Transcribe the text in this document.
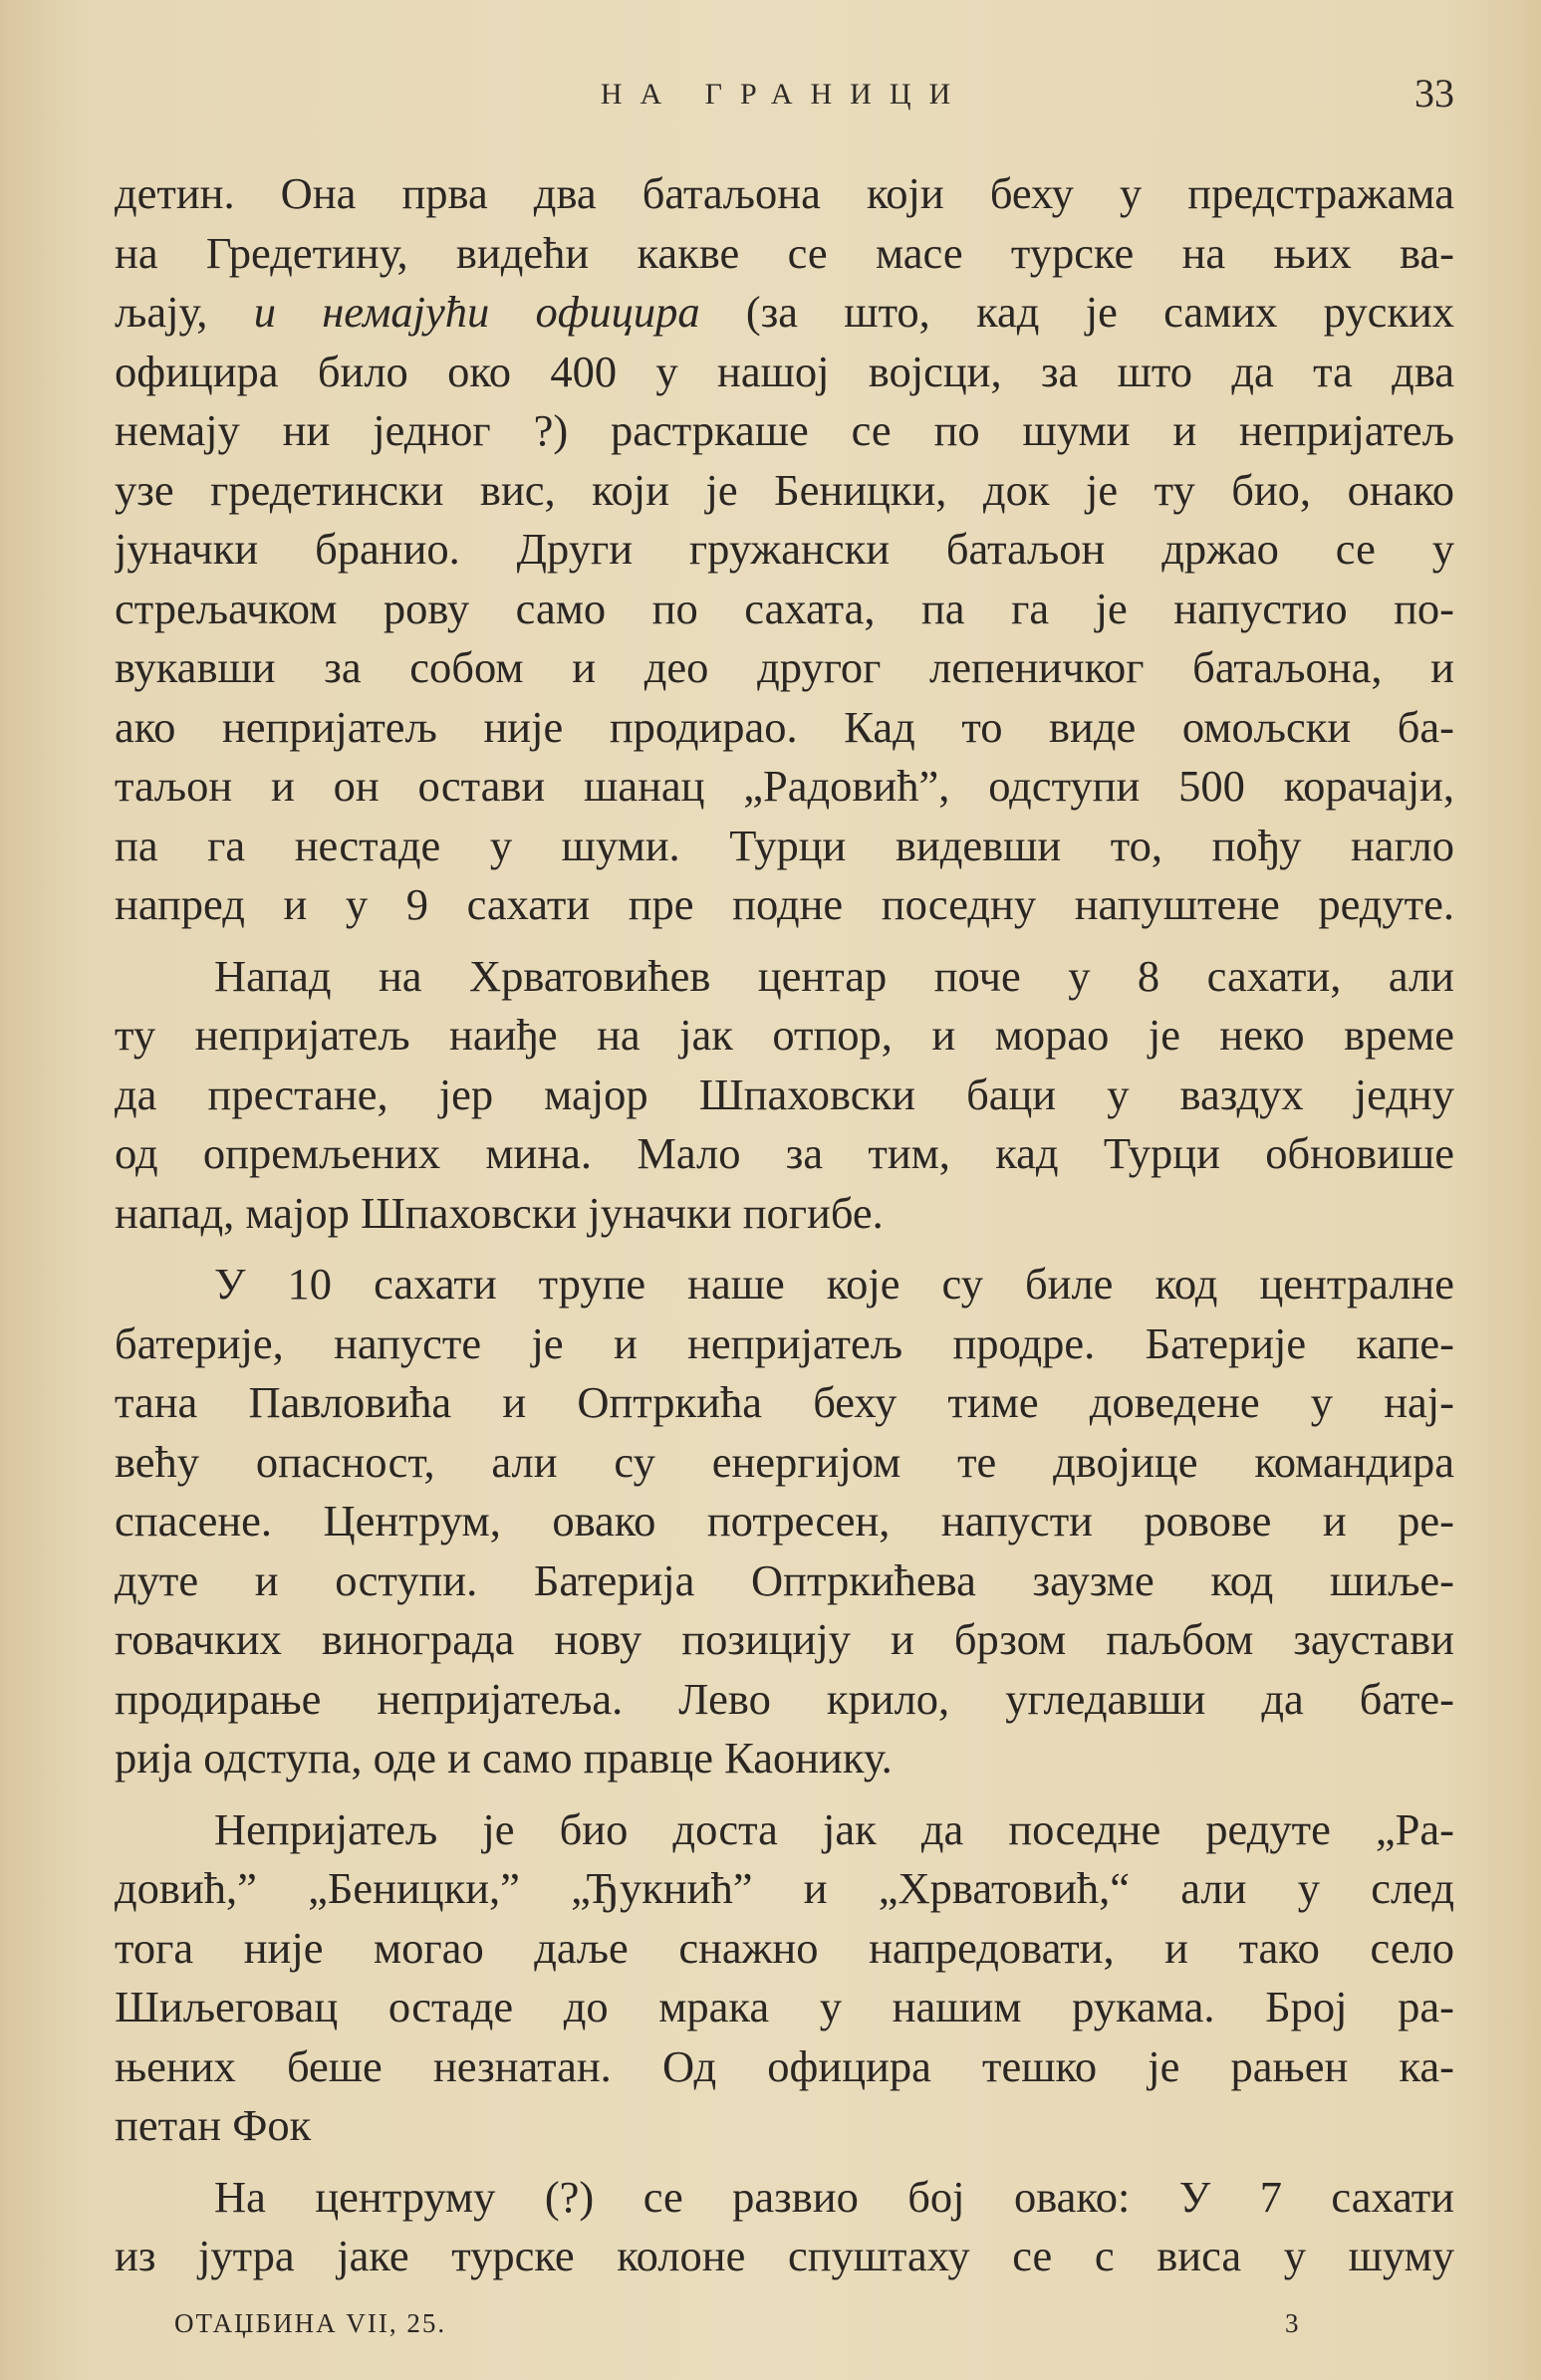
НА ГРАНИЦИ	33
детин. Она прва два батаљона који беху у предстражама
на Гредетину, видећи какве се масе турске на њих ва-
љају, и немајући официра (за што, кад је самих руских
официра било око 400 у нашој војсци, за што да та два
немају ни једног ?) растркаше се по шуми и непријатељ
узе гредетински вис, који је Беницки, док је ту био, онако
јуначки бранио. Други гружански батаљон држао се у
стрељачком рову само по сахата, па га је напустио по-
вукавши за собом и део другог лепеничког батаљона, и
ако непријатељ није продирао. Кад то виде омољски ба-
таљон и он остави шанац „Радовић”, одступи 500 корачаји,
па га нестаде у шуми. Турци видевши то, пођу нагло
напред и у 9 сахати пре подне поседну напуштене редуте.
Напад на Хрватовићев центар поче у 8 сахати, али
ту непријатељ наиђе на јак отпор, и морао је неко време
да престане, јер мајор Шпаховски баци у ваздух једну
од опремљених мина. Мало за тим, кад Турци обновише
напад, мајор Шпаховски јуначки погибе.
У 10 сахати трупе наше које су биле код централне
батерије, напусте је и непријатељ продре. Батерије капе-
тана Павловића и Оптркића беху тиме доведене у нај-
већу опасност, али су енергијом те двојице командира
спасене. Центрум, овако потресен, напусти ровове и ре-
дуте и оступи. Батерија Оптркићева заузме код шиље-
говачких винограда нову позицију и брзом паљбом заустави
продирање непријатеља. Лево крило, угледавши да бате-
рија одступа, оде и само правце Каонику.
Непријатељ је био доста јак да поседне редуте „Ра-
довић,” „Беницки,” „Ђукнић” и „Хрватовић,“ али у след
тога није могао даље снажно напредовати, и тако село
Шиљеговац остаде до мрака у нашим рукама. Број ра-
њених беше незнатан. Од официра тешко је рањен ка-
петан Фок
На центруму (?) се развио бој овако: У 7 сахати
из јутра јаке турске колоне спуштаху се с виса у шуму
ОТАЏБИНА VII, 25.	3
